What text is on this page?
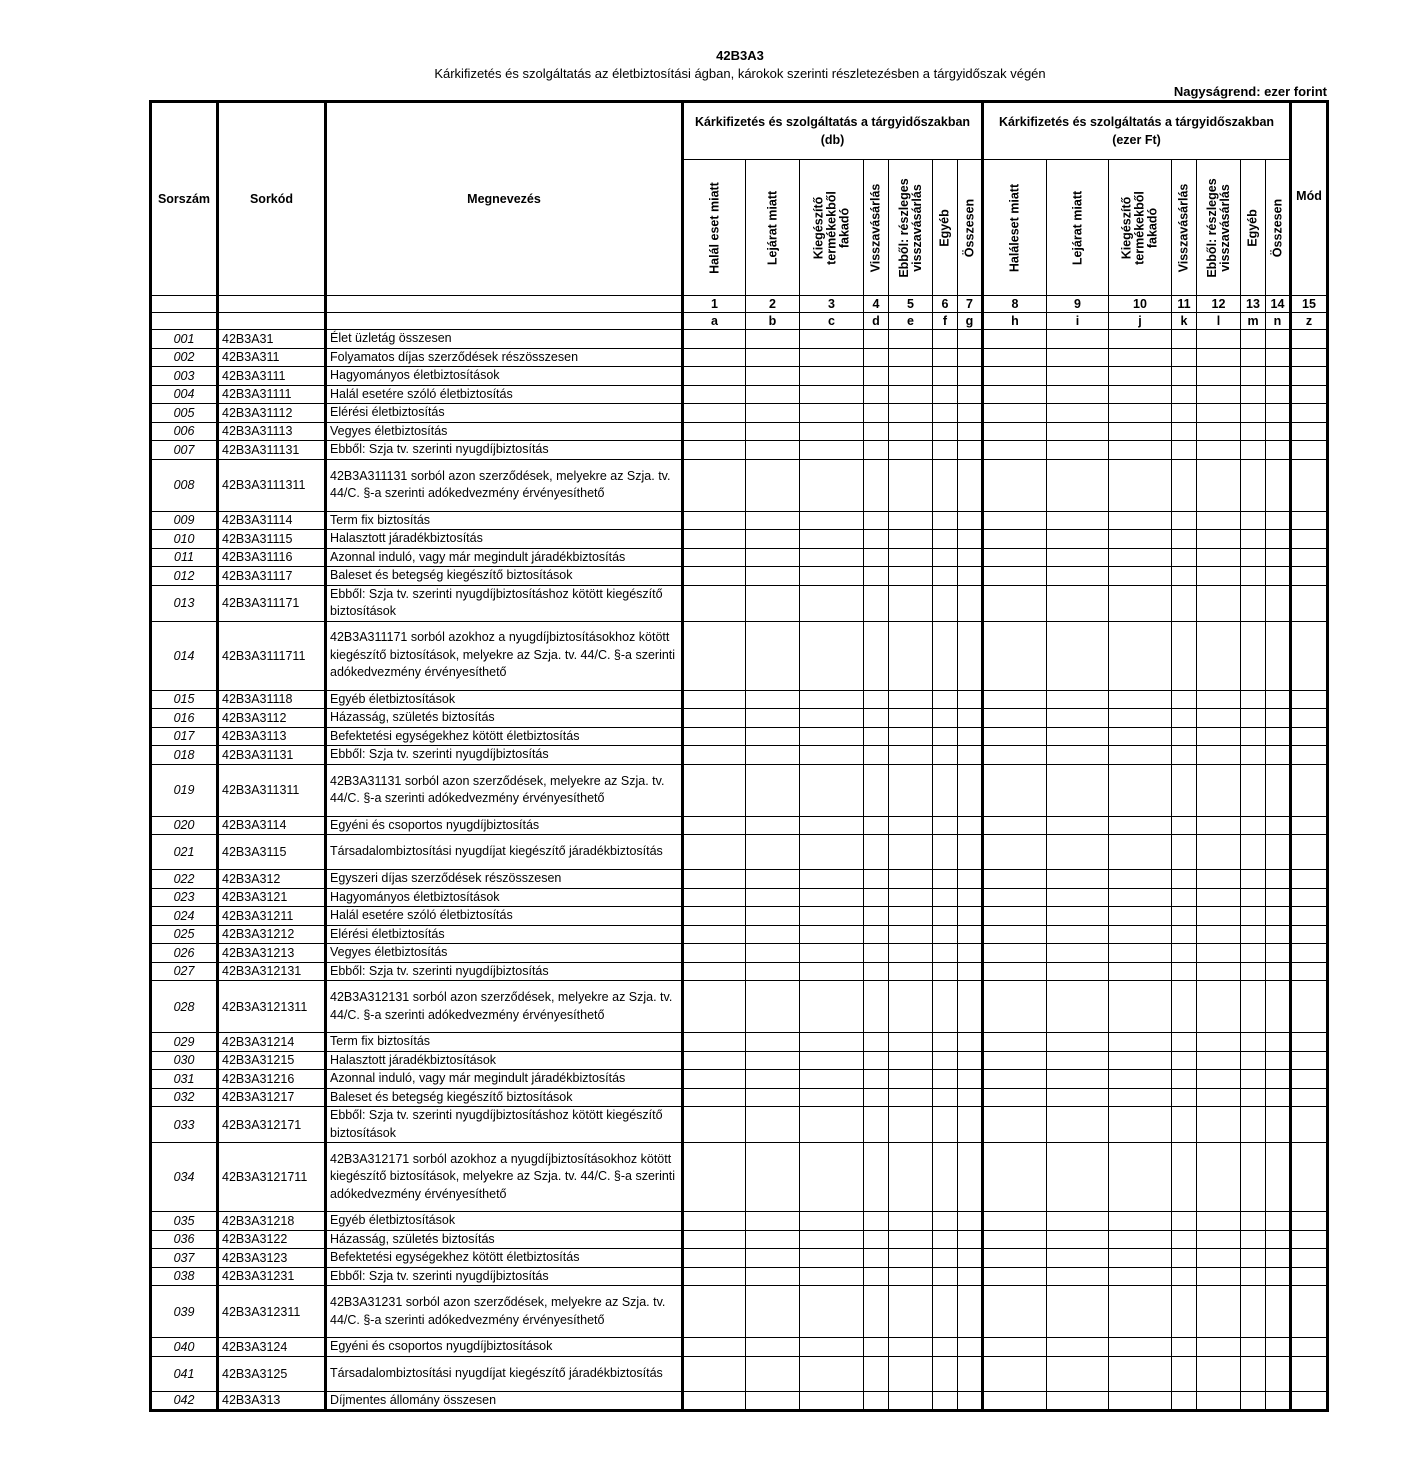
42B3A3
Kárkifizetés és szolgáltatás az életbiztosítási ágban, károkok szerinti részletezésben a tárgyidőszak végén
Nagyságrend: ezer forint
Sorszám	Sorkód	Megnevezés	Kárkifizetés és szolgáltatás a tárgyidőszakban (db)							Kárkifizetés és szolgáltatás a tárgyidőszakban (ezer Ft)							Mód

			Halál eset miatt	Lejárat miatt	Kiegészítő
termékekből
fakadó	Visszavásárlás	Ebből: részleges
visszavásárlás	Egyéb	Összesen	Haláleset miatt	Lejárat miatt	Kiegészítő
termékekből
fakadó	Visszavásárlás	Ebből: részleges
visszavásárlás	Egyéb	Összesen	

			1	2	3	4	5	6	7	8	9	10	11	12	13	14	15
			a	b	c	d	e	f	g	h	i	j	k	l	m	n	z
001	42B3A31	Élet üzletág összesen															
002	42B3A311	Folyamatos díjas szerződések részösszesen															
003	42B3A3111	Hagyományos életbiztosítások															
004	42B3A31111	Halál esetére szóló életbiztosítás															
005	42B3A31112	Elérési életbiztosítás															
006	42B3A31113	Vegyes életbiztosítás															
007	42B3A311131	Ebből: Szja tv. szerinti nyugdíjbiztosítás															
008	42B3A3111311	42B3A311131 sorból azon szerződések, melyekre az Szja. tv. 44/C. §-a szerinti adókedvezmény érvényesíthető															
009	42B3A31114	Term fix biztosítás															
010	42B3A31115	Halasztott járadékbiztosítás															
011	42B3A31116	Azonnal induló, vagy már megindult járadékbiztosítás															
012	42B3A31117	Baleset és betegség kiegészítő biztosítások															
013	42B3A311171	Ebből: Szja tv. szerinti nyugdíjbiztosításhoz kötött kiegészítő biztosítások															
014	42B3A3111711	42B3A311171 sorból azokhoz a nyugdíjbiztosításokhoz kötött kiegészítő biztosítások, melyekre az Szja. tv. 44/C. §-a szerinti adókedvezmény érvényesíthető															
015	42B3A31118	Egyéb életbiztosítások															
016	42B3A3112	Házasság, születés biztosítás															
017	42B3A3113	Befektetési egységekhez kötött életbiztosítás															
018	42B3A31131	Ebből: Szja tv. szerinti nyugdíjbiztosítás															
019	42B3A311311	42B3A31131 sorból azon szerződések, melyekre az Szja. tv. 44/C. §-a szerinti adókedvezmény érvényesíthető															
020	42B3A3114	Egyéni és csoportos nyugdíjbiztosítás															
021	42B3A3115	Társadalombiztosítási nyugdíjat kiegészítő járadékbiztosítás															
022	42B3A312	Egyszeri díjas szerződések részösszesen															
023	42B3A3121	Hagyományos életbiztosítások															
024	42B3A31211	Halál esetére szóló életbiztosítás															
025	42B3A31212	Elérési életbiztosítás															
026	42B3A31213	Vegyes életbiztosítás															
027	42B3A312131	Ebből: Szja tv. szerinti nyugdíjbiztosítás															
028	42B3A3121311	42B3A312131 sorból azon szerződések, melyekre az Szja. tv. 44/C. §-a szerinti adókedvezmény érvényesíthető															
029	42B3A31214	Term fix biztosítás															
030	42B3A31215	Halasztott járadékbiztosítások															
031	42B3A31216	Azonnal induló, vagy már megindult járadékbiztosítás															
032	42B3A31217	Baleset és betegség kiegészítő biztosítások															
033	42B3A312171	Ebből: Szja tv. szerinti nyugdíjbiztosításhoz kötött kiegészítő biztosítások															
034	42B3A3121711	42B3A312171 sorból azokhoz a nyugdíjbiztosításokhoz kötött kiegészítő biztosítások, melyekre az Szja. tv. 44/C. §-a szerinti adókedvezmény érvényesíthető															
035	42B3A31218	Egyéb életbiztosítások															
036	42B3A3122	Házasság, születés biztosítás															
037	42B3A3123	Befektetési egységekhez kötött életbiztosítás															
038	42B3A31231	Ebből: Szja tv. szerinti nyugdíjbiztosítás															
039	42B3A312311	42B3A31231 sorból azon szerződések, melyekre az Szja. tv. 44/C. §-a szerinti adókedvezmény érvényesíthető															
040	42B3A3124	Egyéni és csoportos nyugdíjbiztosítások															
041	42B3A3125	Társadalombiztosítási nyugdíjat kiegészítő járadékbiztosítás															
042	42B3A313	Díjmentes állomány összesen															
